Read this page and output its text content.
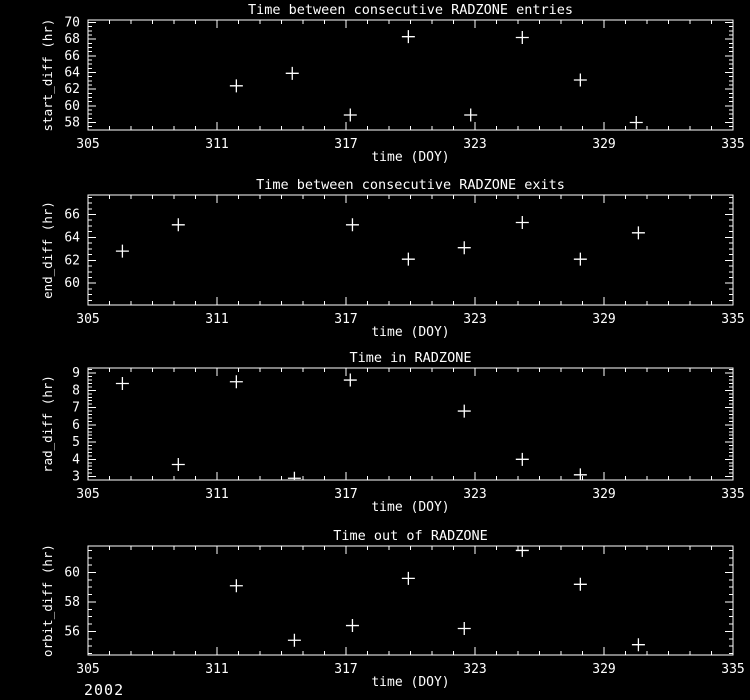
305	311	317	323	329	335
58
60
62
64
66
68
70
Time between consecutive RADZONE entries
time (DOY)
start_diff (hr)
305	311	317	323	329	335
60
62
64
66
Time between consecutive RADZONE exits
time (DOY)
end_diff (hr)
305	311	317	323	329	335
3
4
5
6
7
8
9
Time in RADZONE
time (DOY)
rad_diff (hr)
305	311	317	323	329	335
56
58
60
Time out of RADZONE
time (DOY)
orbit_diff (hr)
2002
